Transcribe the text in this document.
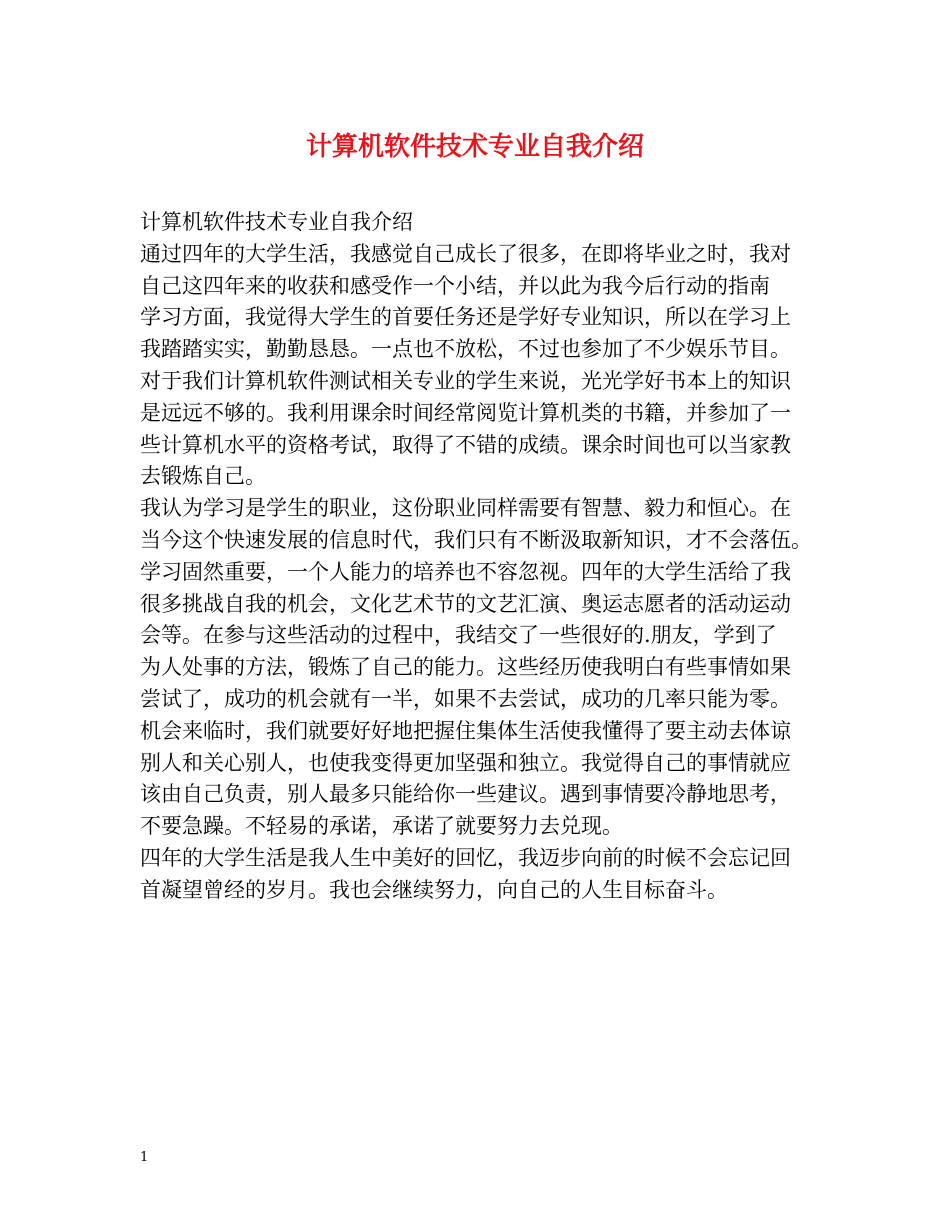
计算机软件技术专业自我介绍
计算机软件技术专业自我介绍
通过四年的大学生活，我感觉自己成长了很多，在即将毕业之时，我对
自己这四年来的收获和感受作一个小结，并以此为我今后行动的指南
学习方面，我觉得大学生的首要任务还是学好专业知识，所以在学习上
我踏踏实实，勤勤恳恳。一点也不放松，不过也参加了不少娱乐节目。
对于我们计算机软件测试相关专业的学生来说，光光学好书本上的知识
是远远不够的。我利用课余时间经常阅览计算机类的书籍，并参加了一
些计算机水平的资格考试，取得了不错的成绩。课余时间也可以当家教
去锻炼自己。
我认为学习是学生的职业，这份职业同样需要有智慧、毅力和恒心。在
当今这个快速发展的信息时代，我们只有不断汲取新知识，才不会落伍。
学习固然重要，一个人能力的培养也不容忽视。四年的大学生活给了我
很多挑战自我的机会，文化艺术节的文艺汇演、奥运志愿者的活动运动
会等。在参与这些活动的过程中，我结交了一些很好的.朋友，学到了
为人处事的方法，锻炼了自己的能力。这些经历使我明白有些事情如果
尝试了，成功的机会就有一半，如果不去尝试，成功的几率只能为零。
机会来临时，我们就要好好地把握住集体生活使我懂得了要主动去体谅
别人和关心别人，也使我变得更加坚强和独立。我觉得自己的事情就应
该由自己负责，别人最多只能给你一些建议。遇到事情要冷静地思考，
不要急躁。不轻易的承诺，承诺了就要努力去兑现。
四年的大学生活是我人生中美好的回忆，我迈步向前的时候不会忘记回
首凝望曾经的岁月。我也会继续努力，向自己的人生目标奋斗。
1
